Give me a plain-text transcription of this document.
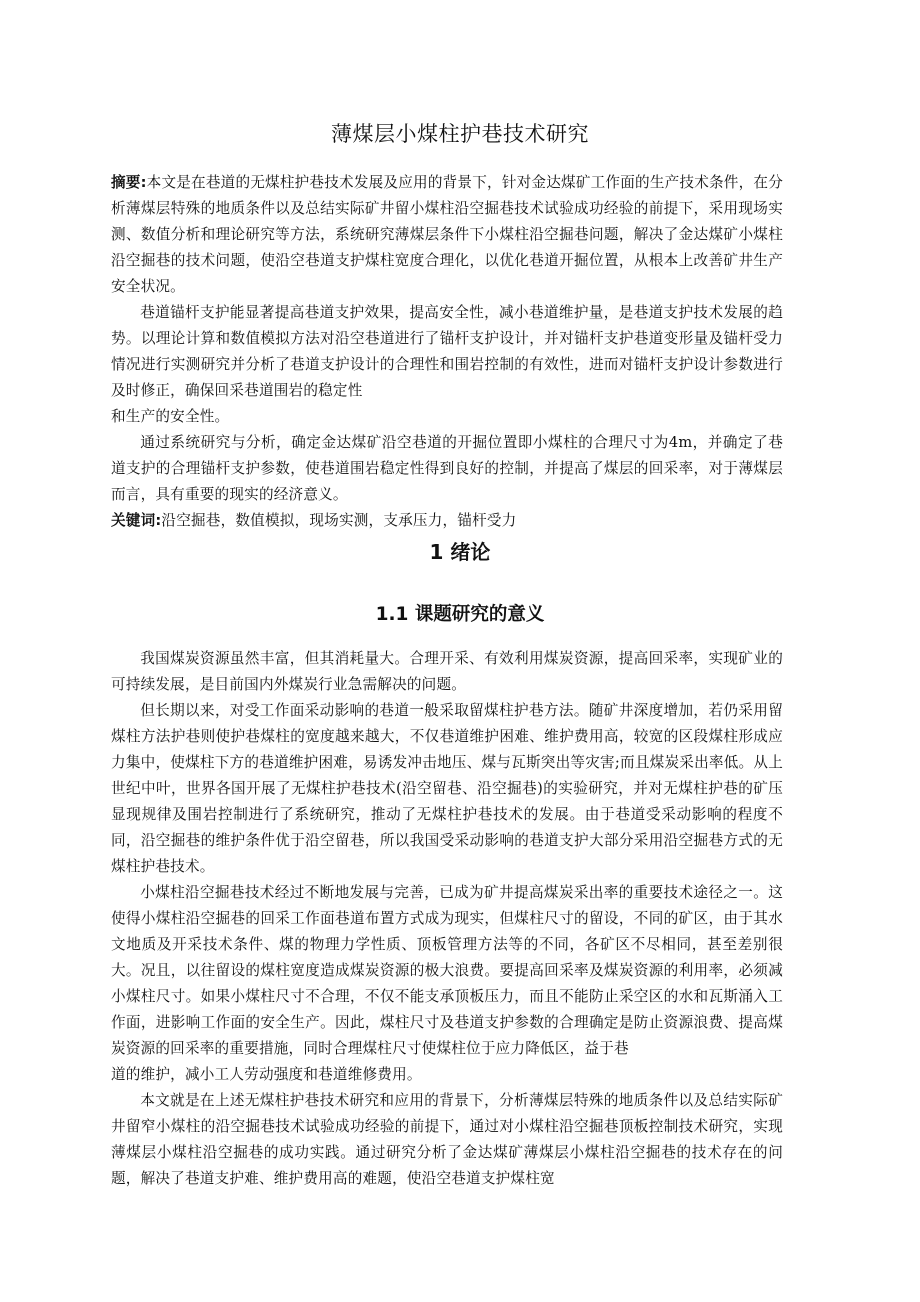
薄煤层小煤柱护巷技术研究

摘要:本文是在巷道的无煤柱护巷技术发展及应用的背景下，针对金达煤矿工作面的生产技术条件，在分析薄煤层特殊的地质条件以及总结实际矿井留小煤柱沿空掘巷技术试验成功经验的前提下，采用现场实测、数值分析和理论研究等方法，系统研究薄煤层条件下小煤柱沿空掘巷问题，解决了金达煤矿小煤柱沿空掘巷的技术问题，使沿空巷道支护煤柱宽度合理化，以优化巷道开掘位置，从根本上改善矿井生产安全状况。

巷道锚杆支护能显著提高巷道支护效果，提高安全性，减小巷道维护量，是巷道支护技术发展的趋势。以理论计算和数值模拟方法对沿空巷道进行了锚杆支护设计，并对锚杆支护巷道变形量及锚杆受力情况进行实测研究并分析了巷道支护设计的合理性和围岩控制的有效性，进而对锚杆支护设计参数进行及时修正，确保回采巷道围岩的稳定性

和生产的安全性。

通过系统研究与分析，确定金达煤矿沿空巷道的开掘位置即小煤柱的合理尺寸为4m，并确定了巷道支护的合理锚杆支护参数，使巷道围岩稳定性得到良好的控制，并提高了煤层的回采率，对于薄煤层而言，具有重要的现实的经济意义。

关键词:沿空掘巷，数值模拟，现场实测，支承压力，锚杆受力

1 绪论
1.1 课题研究的意义

我国煤炭资源虽然丰富，但其消耗量大。合理开采、有效利用煤炭资源，提高回采率，实现矿业的可持续发展，是目前国内外煤炭行业急需解决的问题。

但长期以来，对受工作面采动影响的巷道一般采取留煤柱护巷方法。随矿井深度增加，若仍采用留煤柱方法护巷则使护巷煤柱的宽度越来越大，不仅巷道维护困难、维护费用高，较宽的区段煤柱形成应力集中，使煤柱下方的巷道维护困难，易诱发冲击地压、煤与瓦斯突出等灾害;而且煤炭采出率低。从上世纪中叶，世界各国开展了无煤柱护巷技术(沿空留巷、沿空掘巷)的实验研究，并对无煤柱护巷的矿压显现规律及围岩控制进行了系统研究，推动了无煤柱护巷技术的发展。由于巷道受采动影响的程度不同，沿空掘巷的维护条件优于沿空留巷，所以我国受采动影响的巷道支护大部分采用沿空掘巷方式的无煤柱护巷技术。

小煤柱沿空掘巷技术经过不断地发展与完善，已成为矿井提高煤炭采出率的重要技术途径之一。这使得小煤柱沿空掘巷的回采工作面巷道布置方式成为现实，但煤柱尺寸的留设，不同的矿区，由于其水文地质及开采技术条件、煤的物理力学性质、顶板管理方法等的不同，各矿区不尽相同，甚至差别很大。况且，以往留设的煤柱宽度造成煤炭资源的极大浪费。要提高回采率及煤炭资源的利用率，必须减小煤柱尺寸。如果小煤柱尺寸不合理，不仅不能支承顶板压力，而且不能防止采空区的水和瓦斯涌入工作面，进影响工作面的安全生产。因此，煤柱尺寸及巷道支护参数的合理确定是防止资源浪费、提高煤炭资源的回采率的重要措施，同时合理煤柱尺寸使煤柱位于应力降低区，益于巷

道的维护，减小工人劳动强度和巷道维修费用。

本文就是在上述无煤柱护巷技术研究和应用的背景下，分析薄煤层特殊的地质条件以及总结实际矿井留窄小煤柱的沿空掘巷技术试验成功经验的前提下，通过对小煤柱沿空掘巷顶板控制技术研究，实现薄煤层小煤柱沿空掘巷的成功实践。通过研究分析了金达煤矿薄煤层小煤柱沿空掘巷的技术存在的问题，解决了巷道支护难、维护费用高的难题，使沿空巷道支护煤柱宽
